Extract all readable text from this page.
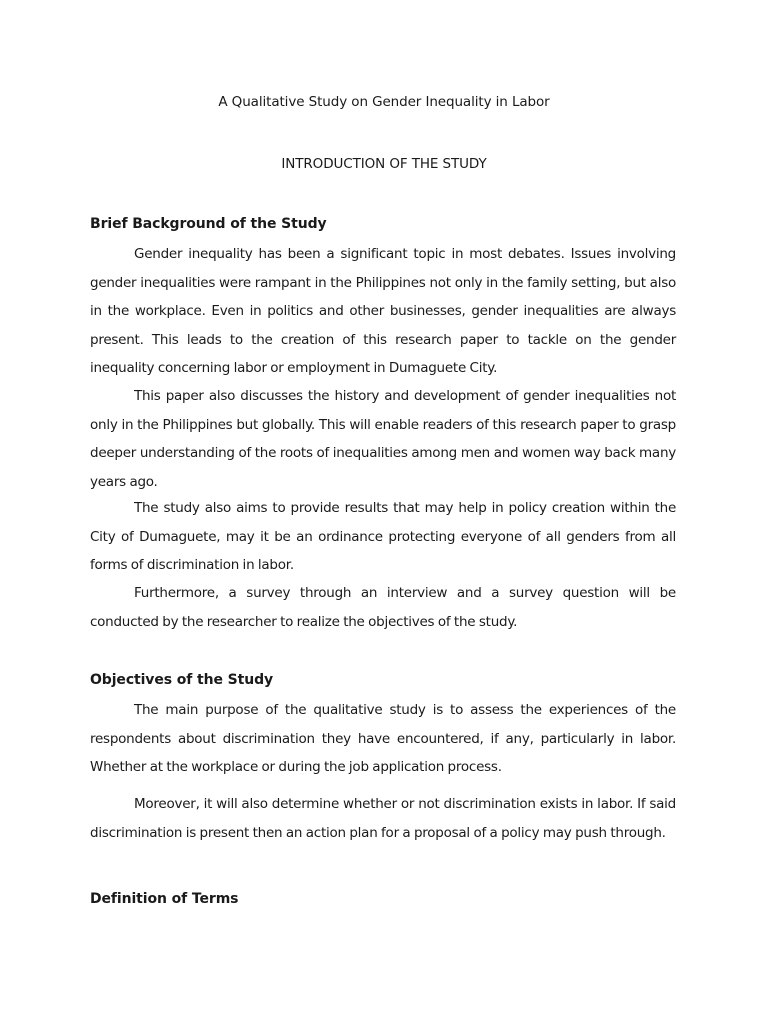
A Qualitative Study on Gender Inequality in Labor
INTRODUCTION OF THE STUDY
Brief Background of the Study

Gender inequality has been a significant topic in most debates. Issues involving gender inequalities were rampant in the Philippines not only in the family setting, but also in the workplace. Even in politics and other businesses, gender inequalities are always present. This leads to the creation of this research paper to tackle on the gender inequality concerning labor or employment in Dumaguete City.

This paper also discusses the history and development of gender inequalities not only in the Philippines but globally. This will enable readers of this research paper to grasp deeper understanding of the roots of inequalities among men and women way back many years ago.

The study also aims to provide results that may help in policy creation within the City of Dumaguete, may it be an ordinance protecting everyone of all genders from all forms of discrimination in labor.

Furthermore, a survey through an interview and a survey question will be conducted by the researcher to realize the objectives of the study.

Objectives of the Study

The main purpose of the qualitative study is to assess the experiences of the respondents about discrimination they have encountered, if any, particularly in labor. Whether at the workplace or during the job application process.

Moreover, it will also determine whether or not discrimination exists in labor. If said discrimination is present then an action plan for a proposal of a policy may push through.

Definition of Terms
